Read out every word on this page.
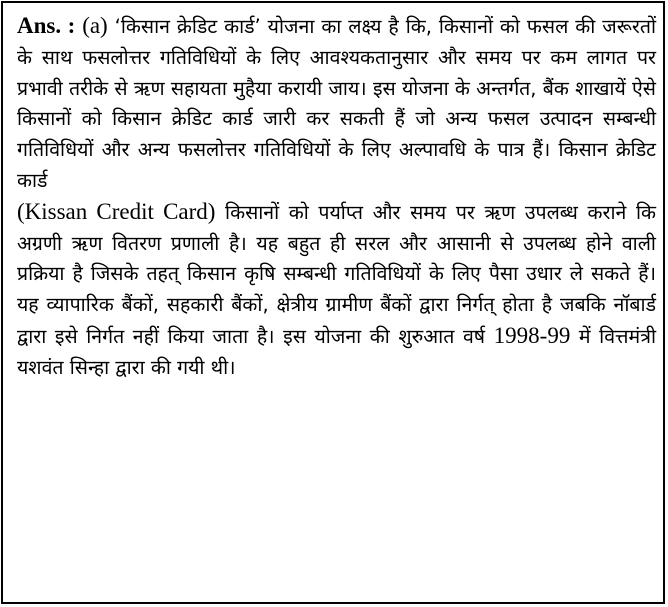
Ans. : (a) ‘किसान क्रेडिट कार्ड’ योजना का लक्ष्य है कि, किसानों को फसल की जरूरतों के साथ फसलोत्तर गतिविधियों के लिए आवश्यकतानुसार और समय पर कम लागत पर प्रभावी तरीके से ऋण सहायता मुहैया करायी जाय। इस योजना के अन्तर्गत, बैंक शाखायें ऐसे किसानों को किसान क्रेडिट कार्ड जारी कर सकती हैं जो अन्य फसल उत्पादन सम्बन्धी गतिविधियों और अन्य फसलोत्तर गतिविधियों के लिए अल्पावधि के पात्र हैं। किसान क्रेडिट कार्ड
(Kissan Credit Card) किसानों को पर्याप्त और समय पर ऋण उपलब्ध कराने कि अग्रणी ऋण वितरण प्रणाली है। यह बहुत ही सरल और आसानी से उपलब्ध होने वाली प्रक्रिया है जिसके तहत् किसान कृषि सम्बन्धी गतिविधियों के लिए पैसा उधार ले सकते हैं। यह व्यापारिक बैंकों, सहकारी बैंकों, क्षेत्रीय ग्रामीण बैंकों द्वारा निर्गत् होता है जबकि नॉबार्ड द्वारा इसे निर्गत नहीं किया जाता है। इस योजना की शुरुआत वर्ष 1998-99 में वित्तमंत्री यशवंत सिन्हा द्वारा की गयी थी।
